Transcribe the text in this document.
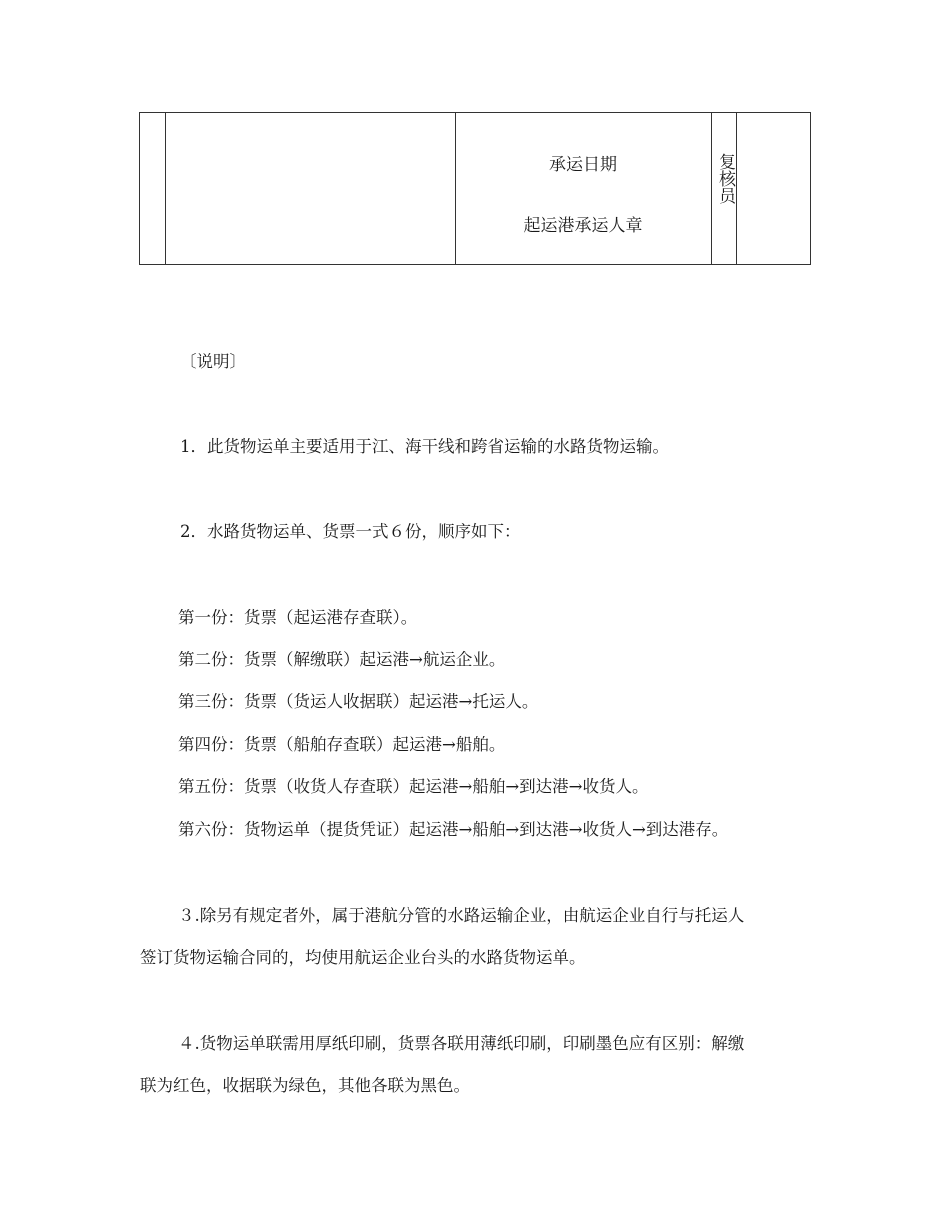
承运日期
起运港承运人章
复核员
〔说明〕
1．此货物运单主要适用于江、海干线和跨省运输的水路货物运输。
2．水路货物运单、货票一式６份，顺序如下：
第一份：货票（起运港存查联）。
第二份：货票（解缴联）起运港→航运企业。
第三份：货票（货运人收据联）起运港→托运人。
第四份：货票（船舶存查联）起运港→船舶。
第五份：货票（收货人存查联）起运港→船舶→到达港→收货人。
第六份：货物运单（提货凭证）起运港→船舶→到达港→收货人→到达港存。
３.除另有规定者外，属于港航分管的水路运输企业，由航运企业自行与托运人
签订货物运输合同的，均使用航运企业台头的水路货物运单。
４.货物运单联需用厚纸印刷，货票各联用薄纸印刷，印刷墨色应有区别：解缴
联为红色，收据联为绿色，其他各联为黑色。
